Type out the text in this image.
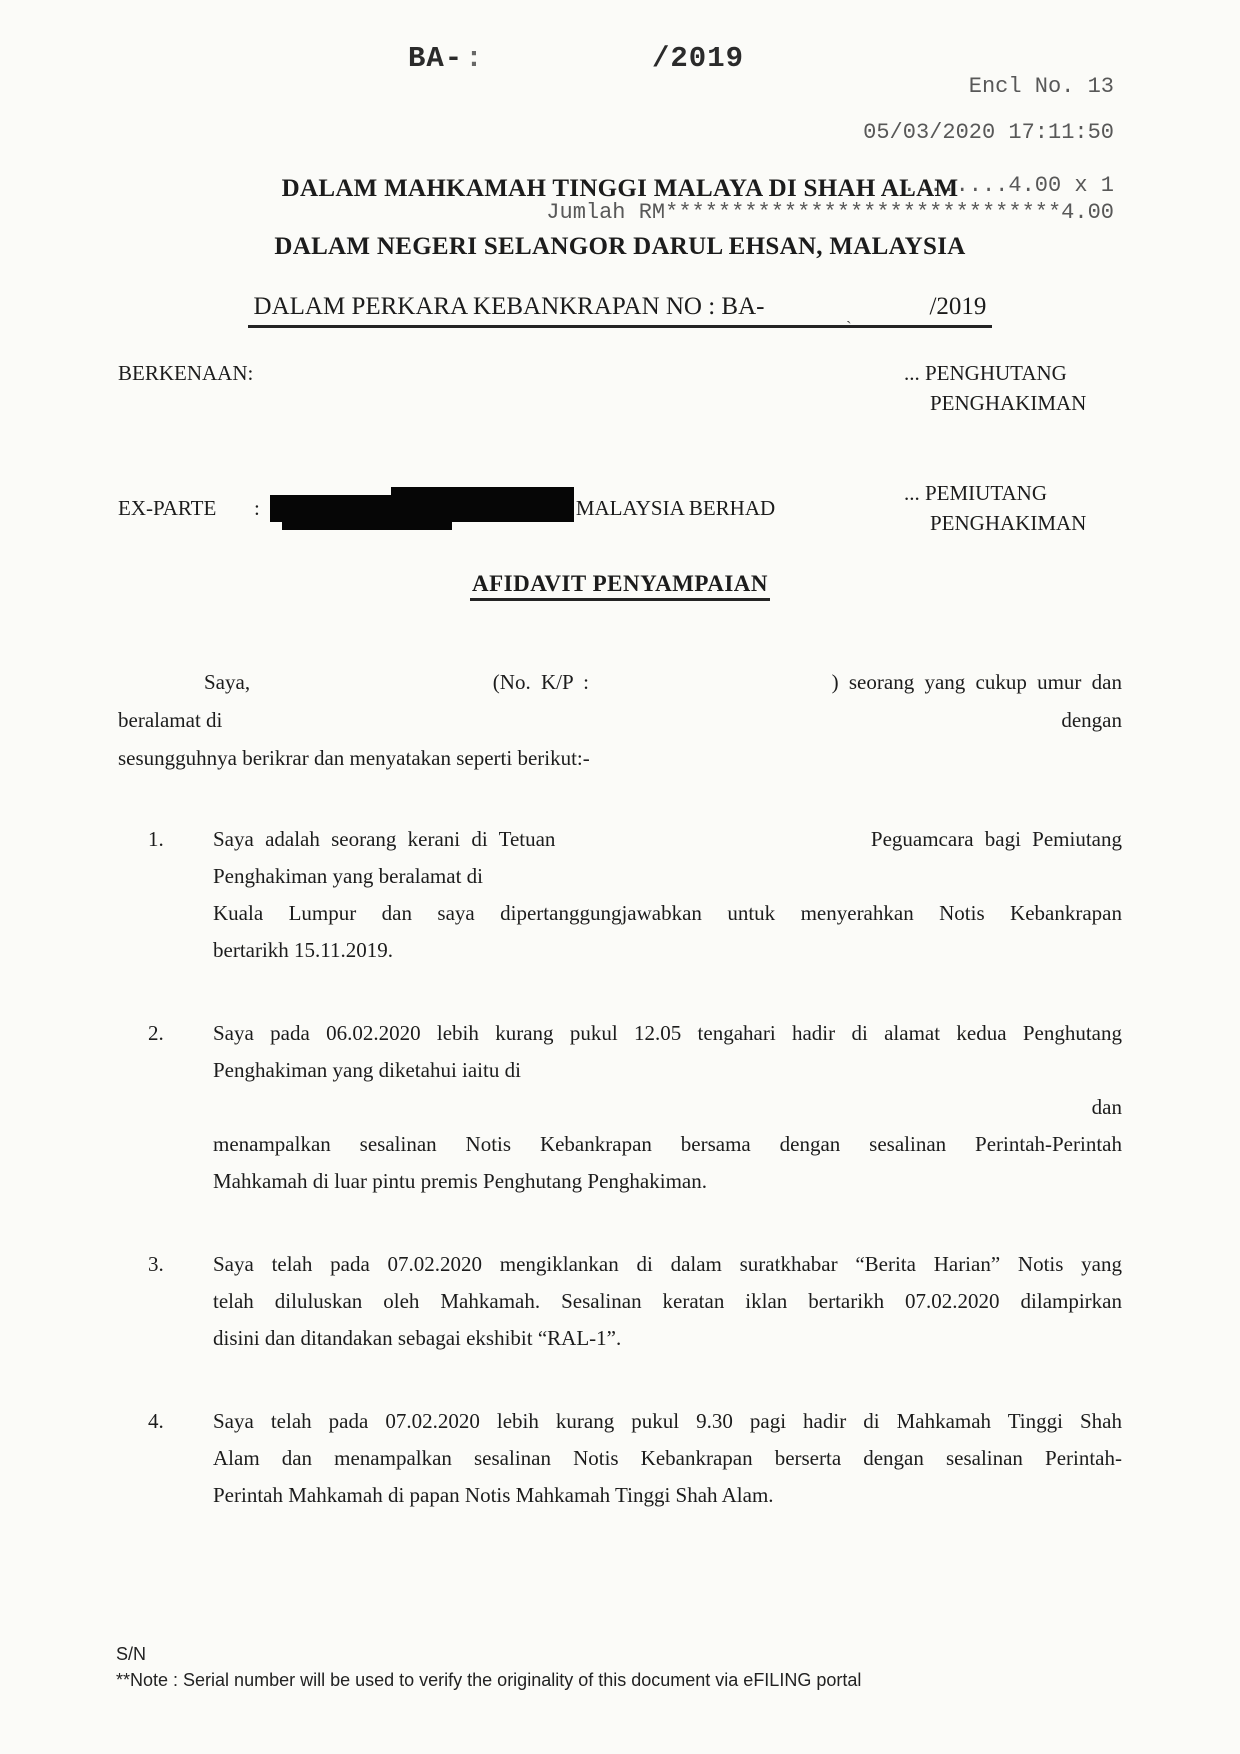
BA-:	/2019
Encl No. 13
05/03/2020 17:11:50
........4.00 x 1
Jumlah RM******************************4.00
`
DALAM MAHKAMAH TINGGI MALAYA DI SHAH ALAM
DALAM NEGERI SELANGOR DARUL EHSAN, MALAYSIA
DALAM PERKARA KEBANKRAPAN NO : BA-	/2019
BERKENAAN:	... PENGHUTANG
PENGHAKIMAN
EX-PARTE	:	MALAYSIA BERHAD
... PEMIUTANG
PENGHAKIMAN
AFIDAVIT PENYAMPAIAN
Saya,	(No. K/P :	) seorang yang cukup umur dan
beralamat di	dengan
sesungguhnya berikrar dan menyatakan seperti berikut:-
1.	Saya adalah seorang kerani di Tetuan	Peguamcara bagi Pemiutang
Penghakiman yang beralamat di
Kuala Lumpur dan saya dipertanggungjawabkan untuk menyerahkan Notis Kebankrapan
bertarikh 15.11.2019.
2.	Saya pada 06.02.2020 lebih kurang pukul 12.05 tengahari hadir di alamat kedua Penghutang
Penghakiman yang diketahui iaitu di
dan
menampalkan sesalinan Notis Kebankrapan bersama dengan sesalinan Perintah-Perintah
Mahkamah di luar pintu premis Penghutang Penghakiman.
3.	Saya telah pada 07.02.2020 mengiklankan di dalam suratkhabar “Berita Harian” Notis yang
telah diluluskan oleh Mahkamah. Sesalinan keratan iklan bertarikh 07.02.2020 dilampirkan
disini dan ditandakan sebagai ekshibit “RAL-1”.
4.	Saya telah pada 07.02.2020 lebih kurang pukul 9.30 pagi hadir di Mahkamah Tinggi Shah
Alam dan menampalkan sesalinan Notis Kebankrapan berserta dengan sesalinan Perintah-
Perintah Mahkamah di papan Notis Mahkamah Tinggi Shah Alam.
S/N
**Note : Serial number will be used to verify the originality of this document via eFILING portal
